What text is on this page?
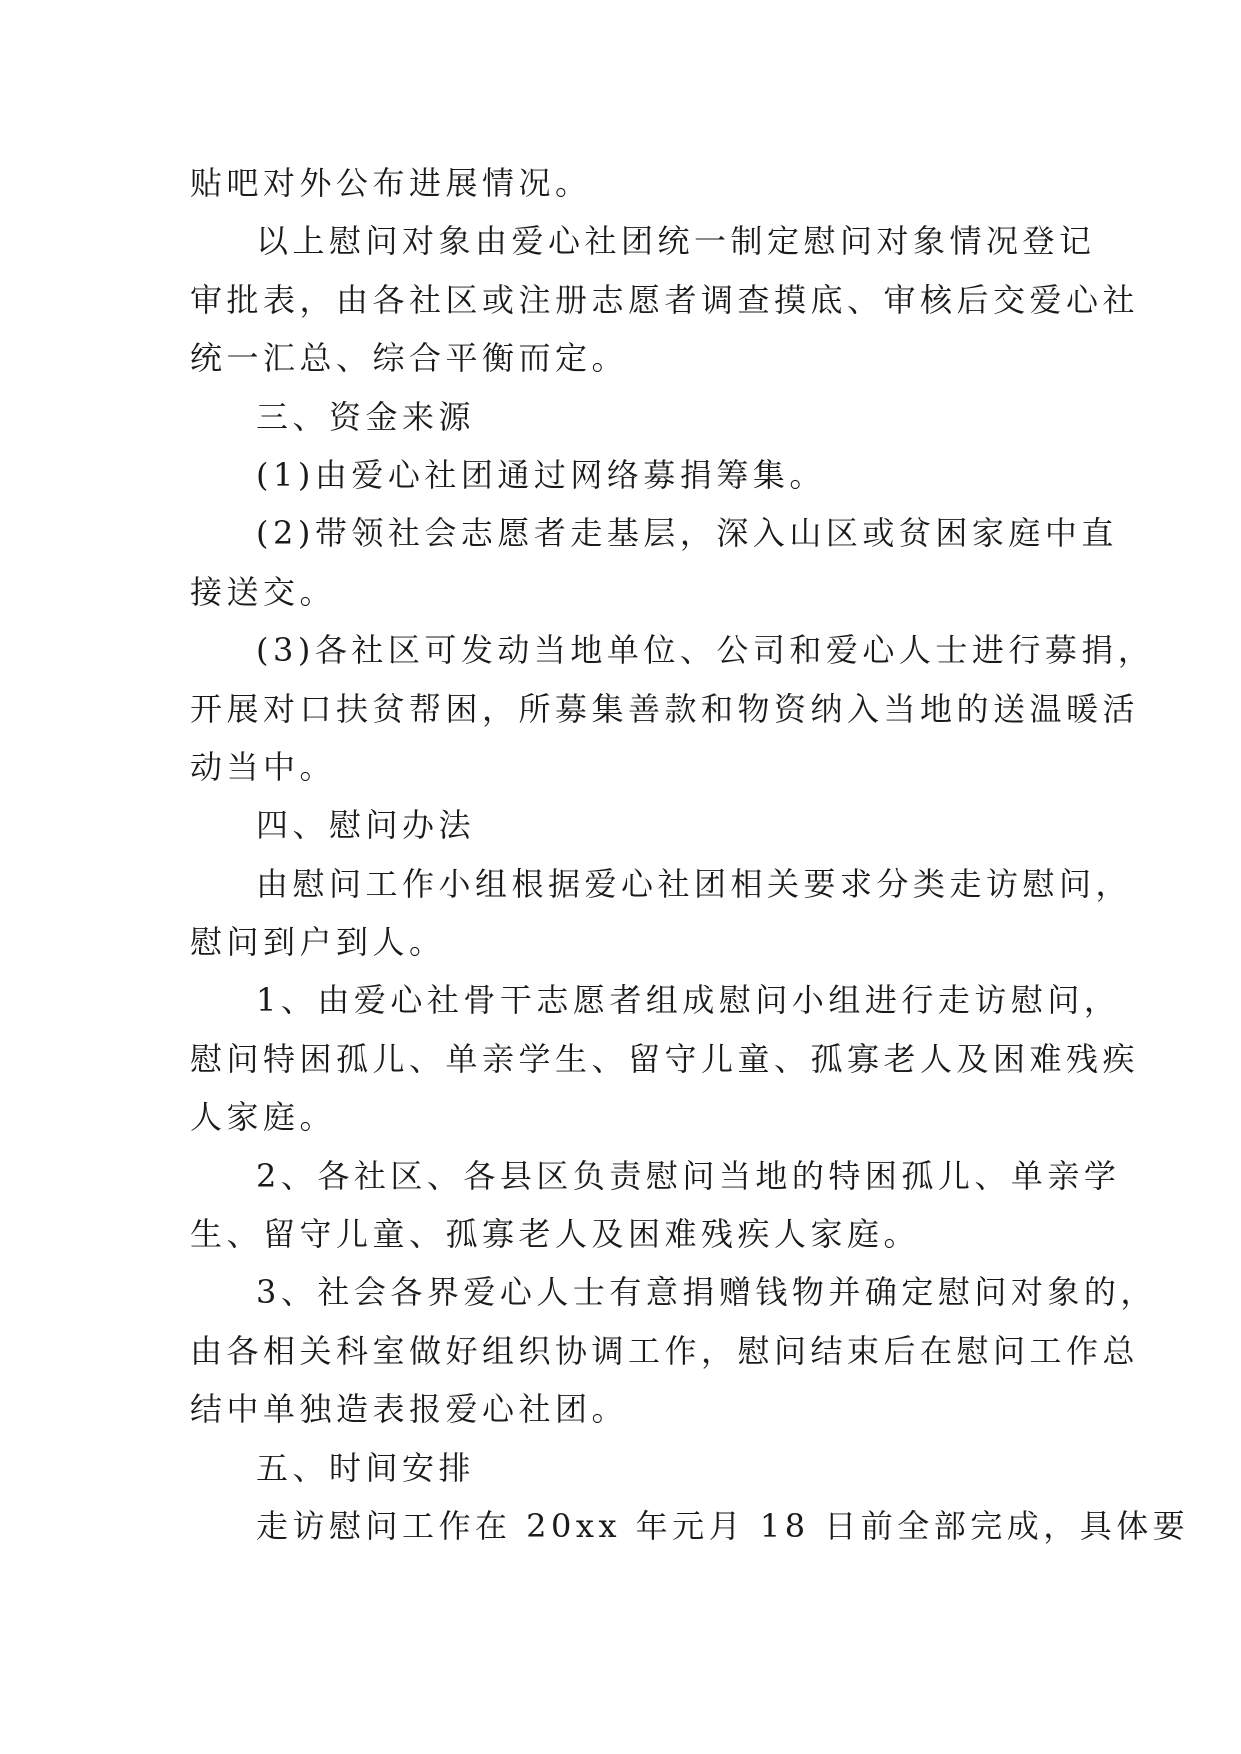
贴吧对外公布进展情况。
以上慰问对象由爱心社团统一制定慰问对象情况登记
审批表，由各社区或注册志愿者调查摸底、审核后交爱心社
统一汇总、综合平衡而定。
三、资金来源
(1)由爱心社团通过网络募捐筹集。
(2)带领社会志愿者走基层，深入山区或贫困家庭中直
接送交。
(3)各社区可发动当地单位、公司和爱心人士进行募捐，
开展对口扶贫帮困，所募集善款和物资纳入当地的送温暖活
动当中。
四、慰问办法
由慰问工作小组根据爱心社团相关要求分类走访慰问，
慰问到户到人。
1、由爱心社骨干志愿者组成慰问小组进行走访慰问，
慰问特困孤儿、单亲学生、留守儿童、孤寡老人及困难残疾
人家庭。
2、各社区、各县区负责慰问当地的特困孤儿、单亲学
生、留守儿童、孤寡老人及困难残疾人家庭。
3、社会各界爱心人士有意捐赠钱物并确定慰问对象的，
由各相关科室做好组织协调工作，慰问结束后在慰问工作总
结中单独造表报爱心社团。
五、时间安排
走访慰问工作在 20xx 年元月 18 日前全部完成，具体要
